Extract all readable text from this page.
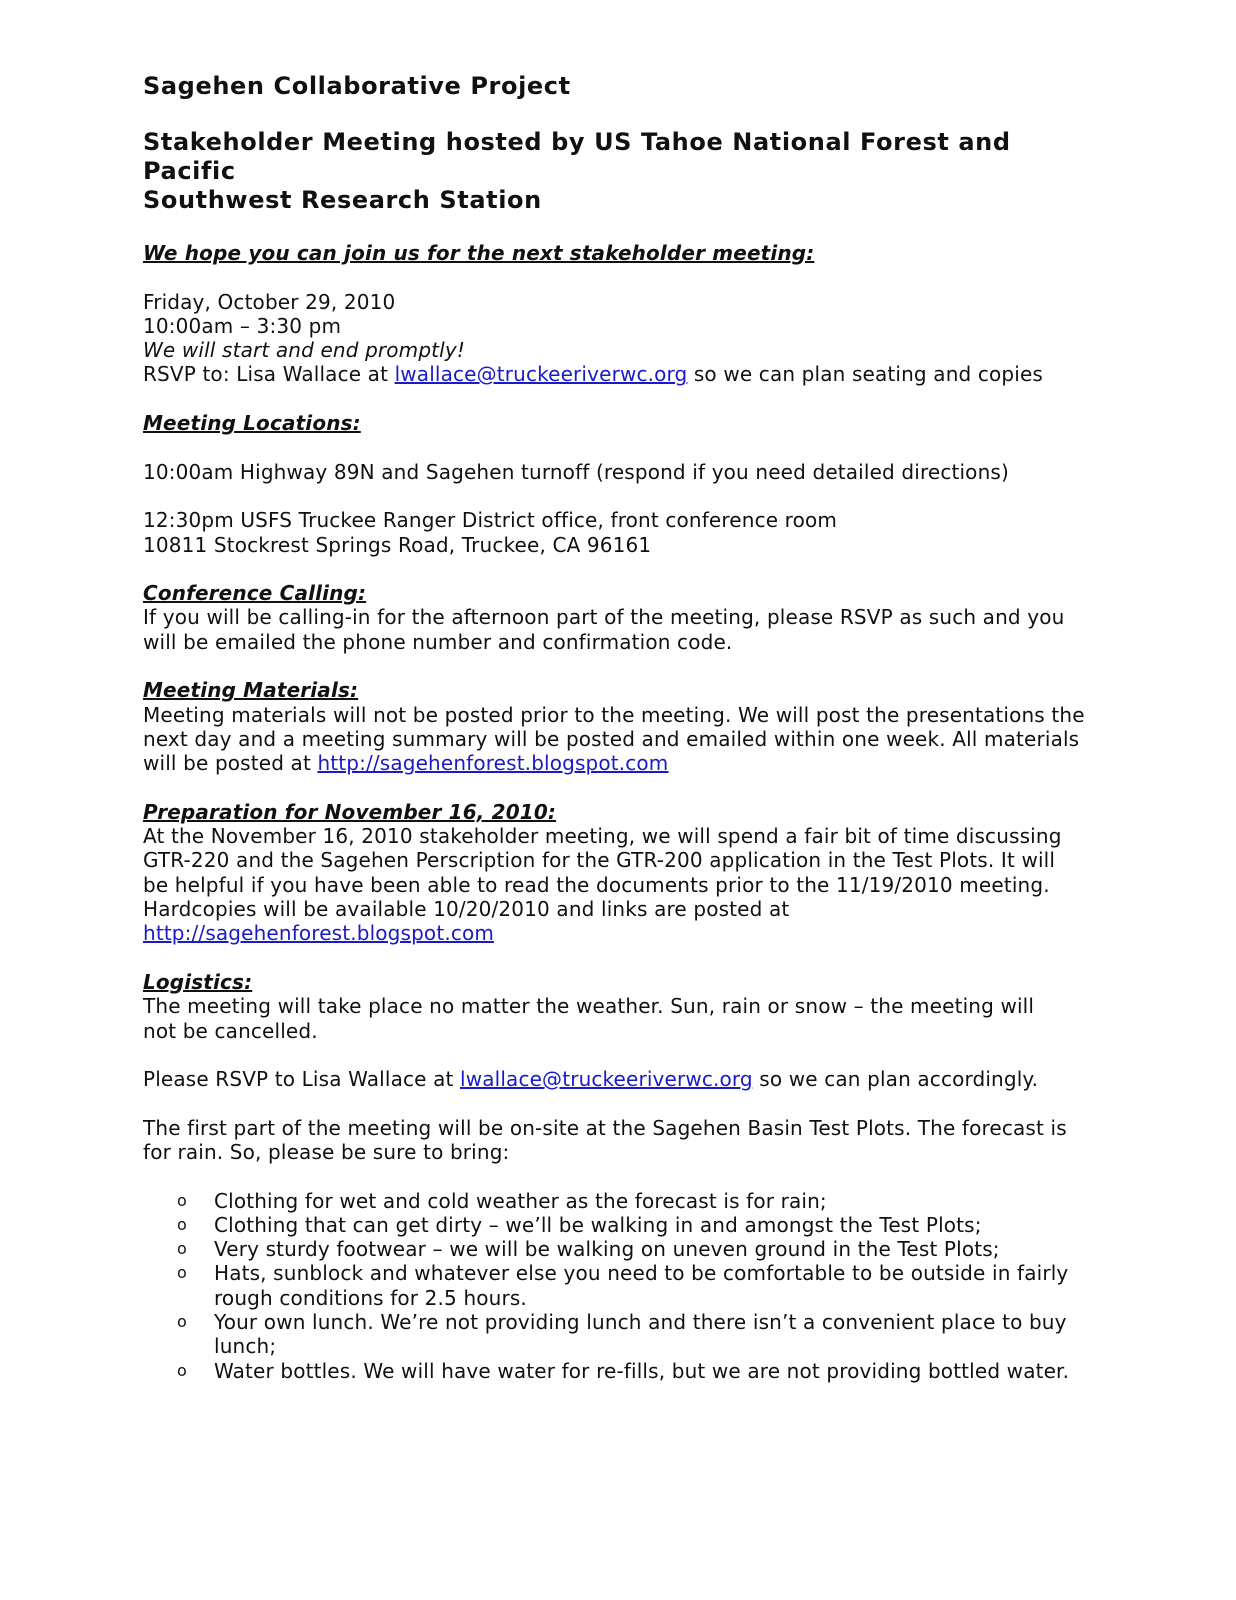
Sagehen Collaborative Project
Stakeholder Meeting hosted by US Tahoe National Forest and Pacific
Southwest Research Station
We hope you can join us for the next stakeholder meeting:
Friday, October 29, 2010
10:00am – 3:30 pm
We will start and end promptly!
RSVP to: Lisa Wallace at lwallace@truckeeriverwc.org so we can plan seating and copies
Meeting Locations:
10:00am Highway 89N and Sagehen turnoff (respond if you need detailed directions)
12:30pm USFS Truckee Ranger District office, front conference room
10811 Stockrest Springs Road, Truckee, CA 96161
Conference Calling:
If you will be calling-in for the afternoon part of the meeting, please RSVP as such and you
will be emailed the phone number and confirmation code.
Meeting Materials:
Meeting materials will not be posted prior to the meeting. We will post the presentations the
next day and a meeting summary will be posted and emailed within one week. All materials
will be posted at http://sagehenforest.blogspot.com
Preparation for November 16, 2010:
At the November 16, 2010 stakeholder meeting, we will spend a fair bit of time discussing
GTR-220 and the Sagehen Perscription for the GTR-200 application in the Test Plots. It will
be helpful if you have been able to read the documents prior to the 11/19/2010 meeting.
Hardcopies will be available 10/20/2010 and links are posted at
http://sagehenforest.blogspot.com
Logistics:
The meeting will take place no matter the weather. Sun, rain or snow – the meeting will
not be cancelled.
Please RSVP to Lisa Wallace at lwallace@truckeeriverwc.org so we can plan accordingly.
The first part of the meeting will be on-site at the Sagehen Basin Test Plots. The forecast is
for rain. So, please be sure to bring:
o Clothing for wet and cold weather as the forecast is for rain;
o Clothing that can get dirty – we’ll be walking in and amongst the Test Plots;
o Very sturdy footwear – we will be walking on uneven ground in the Test Plots;
o Hats, sunblock and whatever else you need to be comfortable to be outside in fairly
rough conditions for 2.5 hours.
o Your own lunch. We’re not providing lunch and there isn’t a convenient place to buy
lunch;
o Water bottles. We will have water for re-fills, but we are not providing bottled water.
